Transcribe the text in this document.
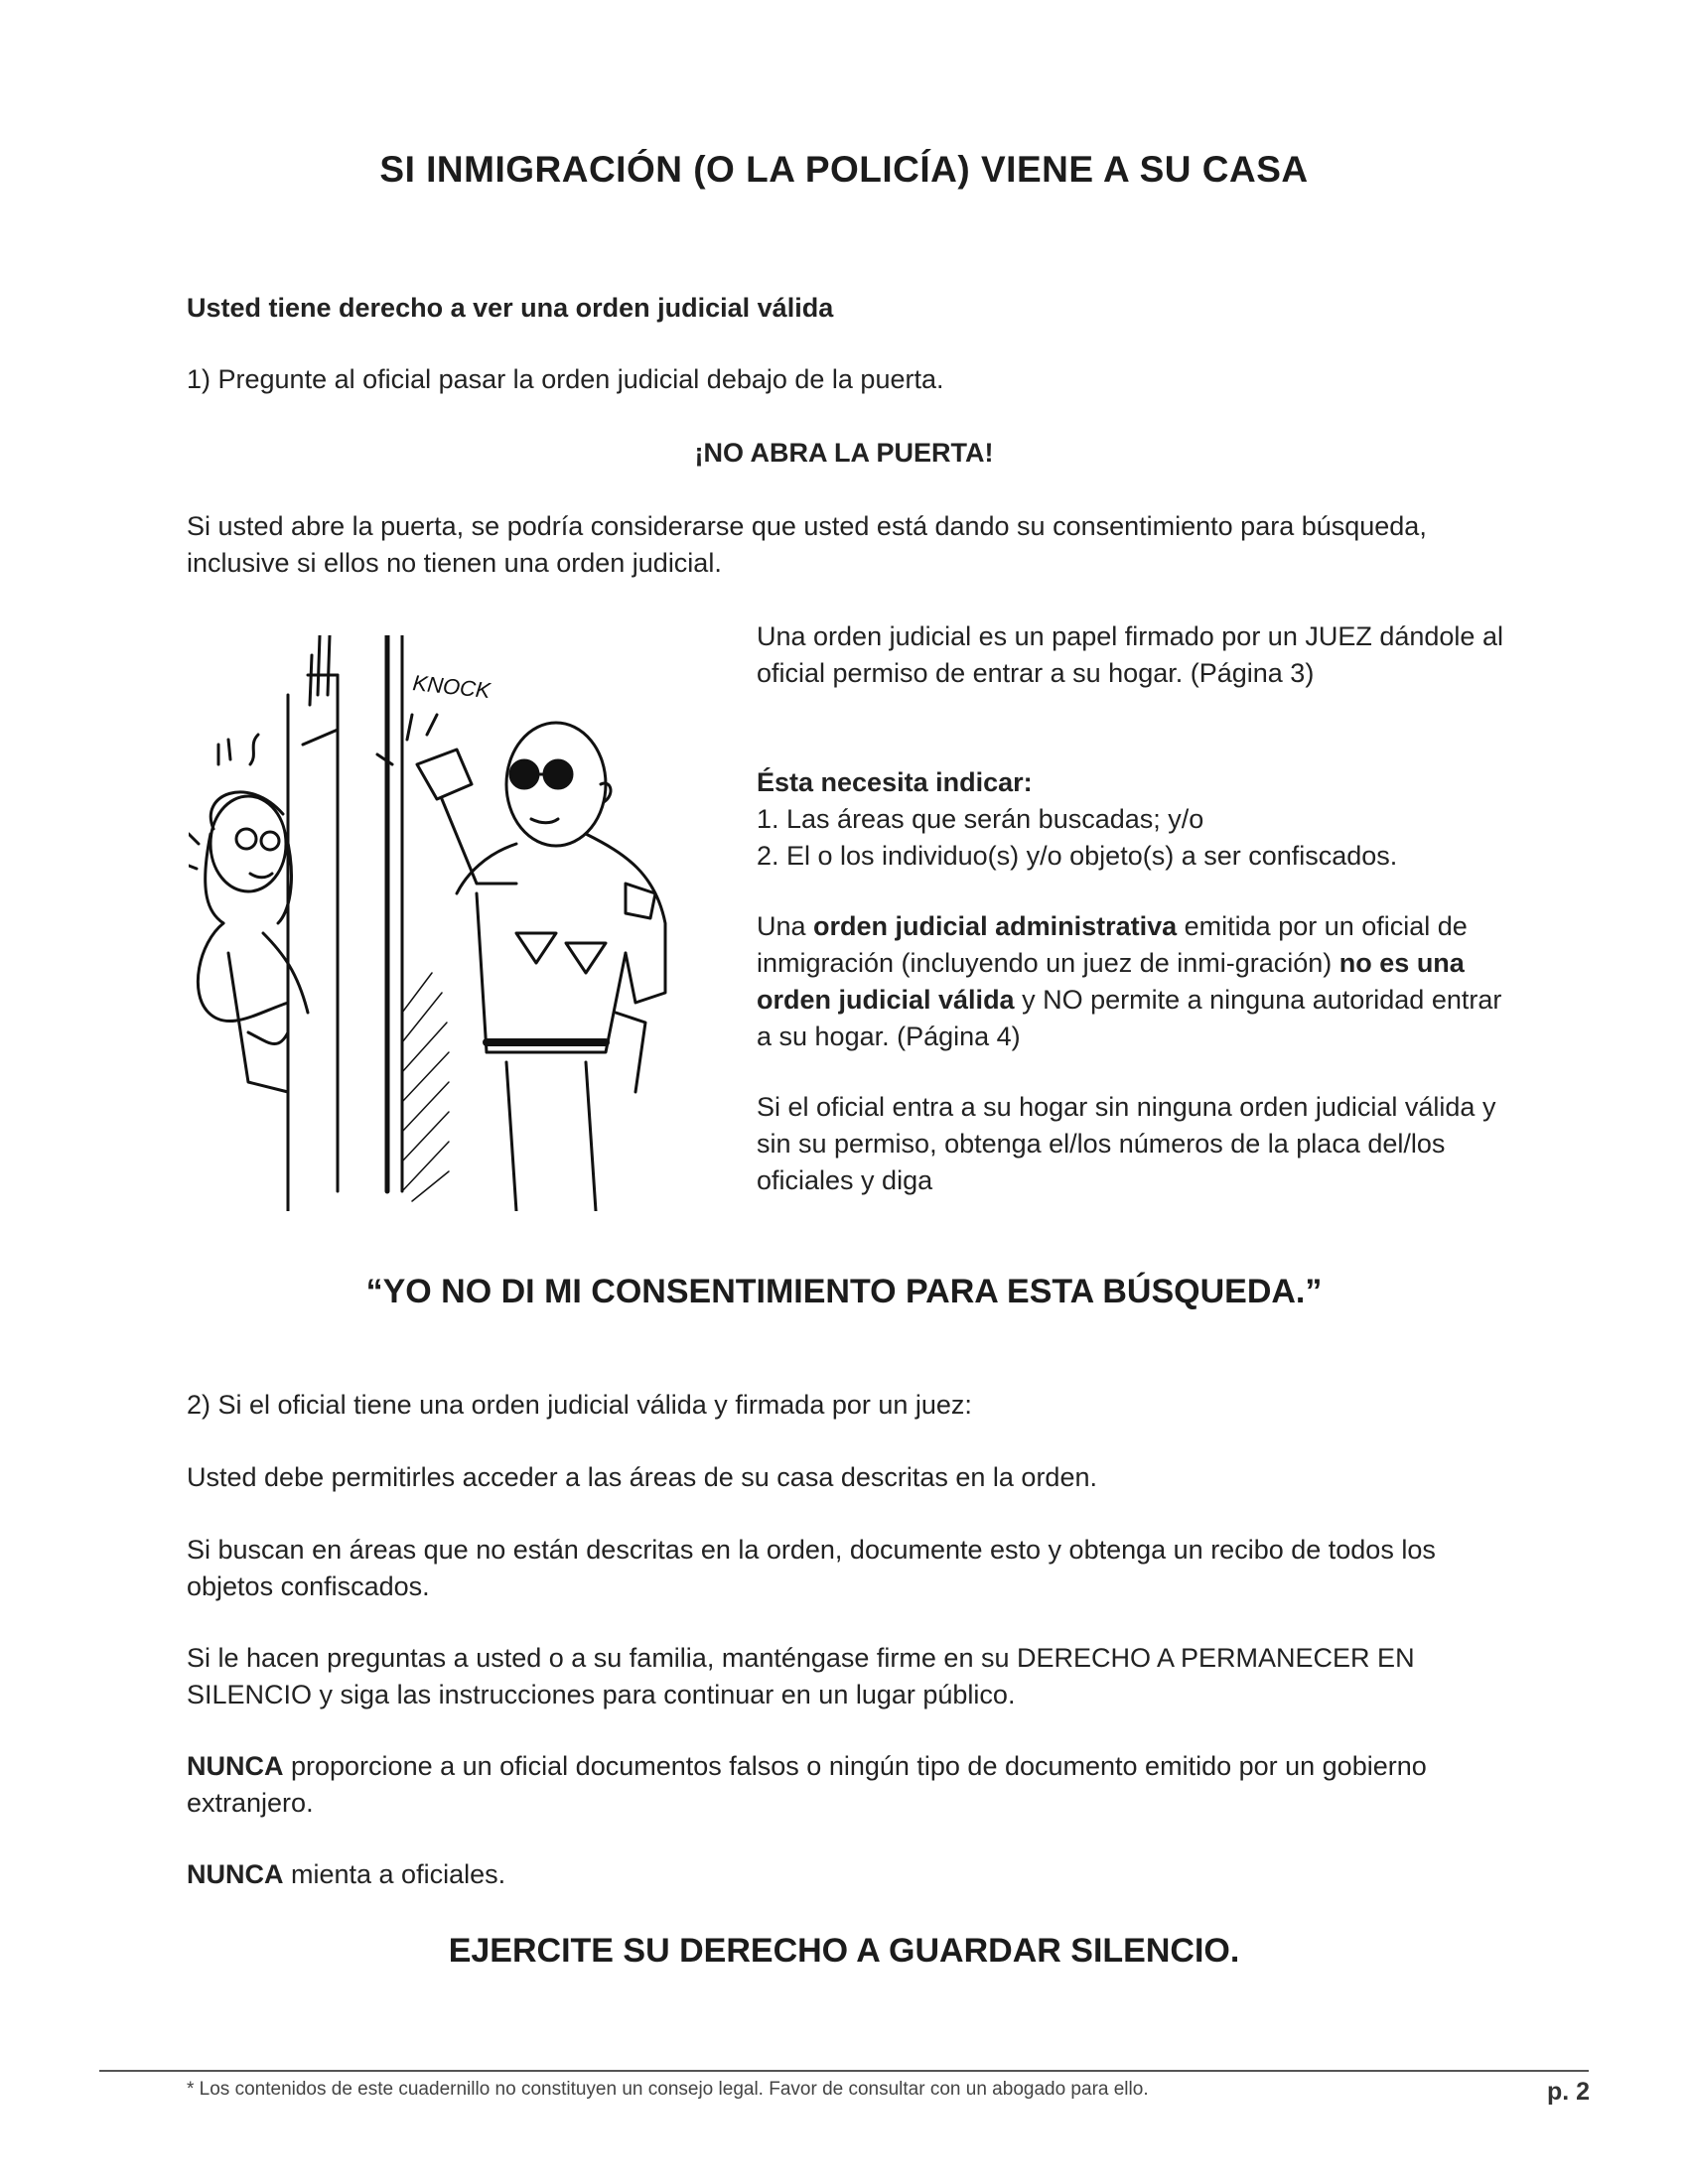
SI INMIGRACIÓN (O LA POLICÍA) VIENE A SU CASA
Usted tiene derecho a ver una orden judicial válida
1) Pregunte al oficial pasar la orden judicial debajo de la puerta.
¡NO ABRA LA PUERTA!
Si usted abre la puerta, se podría considerarse que usted está dando su consentimiento para búsqueda, inclusive si ellos no tienen una orden judicial.
KNOCK
Una orden judicial es un papel firmado por un JUEZ dándole al oficial permiso de entrar a su hogar. (Página 3)
Ésta necesita indicar:
1. Las áreas que serán buscadas; y/o
2. El o los individuo(s) y/o objeto(s) a ser confiscados.
Una orden judicial administrativa emitida por un oficial de inmigración (incluyendo un juez de inmi-gración) no es una orden judicial válida y NO permite a ninguna autoridad entrar a su hogar. (Página 4)
Si el oficial entra a su hogar sin ninguna orden judicial válida y sin su permiso, obtenga el/los números de la placa del/los oficiales y diga
“YO NO DI MI CONSENTIMIENTO PARA ESTA BÚSQUEDA.”
2) Si el oficial tiene una orden judicial válida y firmada por un juez:
Usted debe permitirles acceder a las áreas de su casa descritas en la orden.
Si buscan en áreas que no están descritas en la orden, documente esto y obtenga un recibo de todos los objetos confiscados.
Si le hacen preguntas a usted o a su familia, manténgase firme en su DERECHO A PERMANECER EN SILENCIO y siga las instrucciones para continuar en un lugar público.
NUNCA proporcione a un oficial documentos falsos o ningún tipo de documento emitido por un gobierno extranjero.
NUNCA mienta a oficiales.
EJERCITE SU DERECHO A GUARDAR SILENCIO.
* Los contenidos de este cuadernillo no constituyen un consejo legal. Favor de consultar con un abogado para ello.	p. 2
